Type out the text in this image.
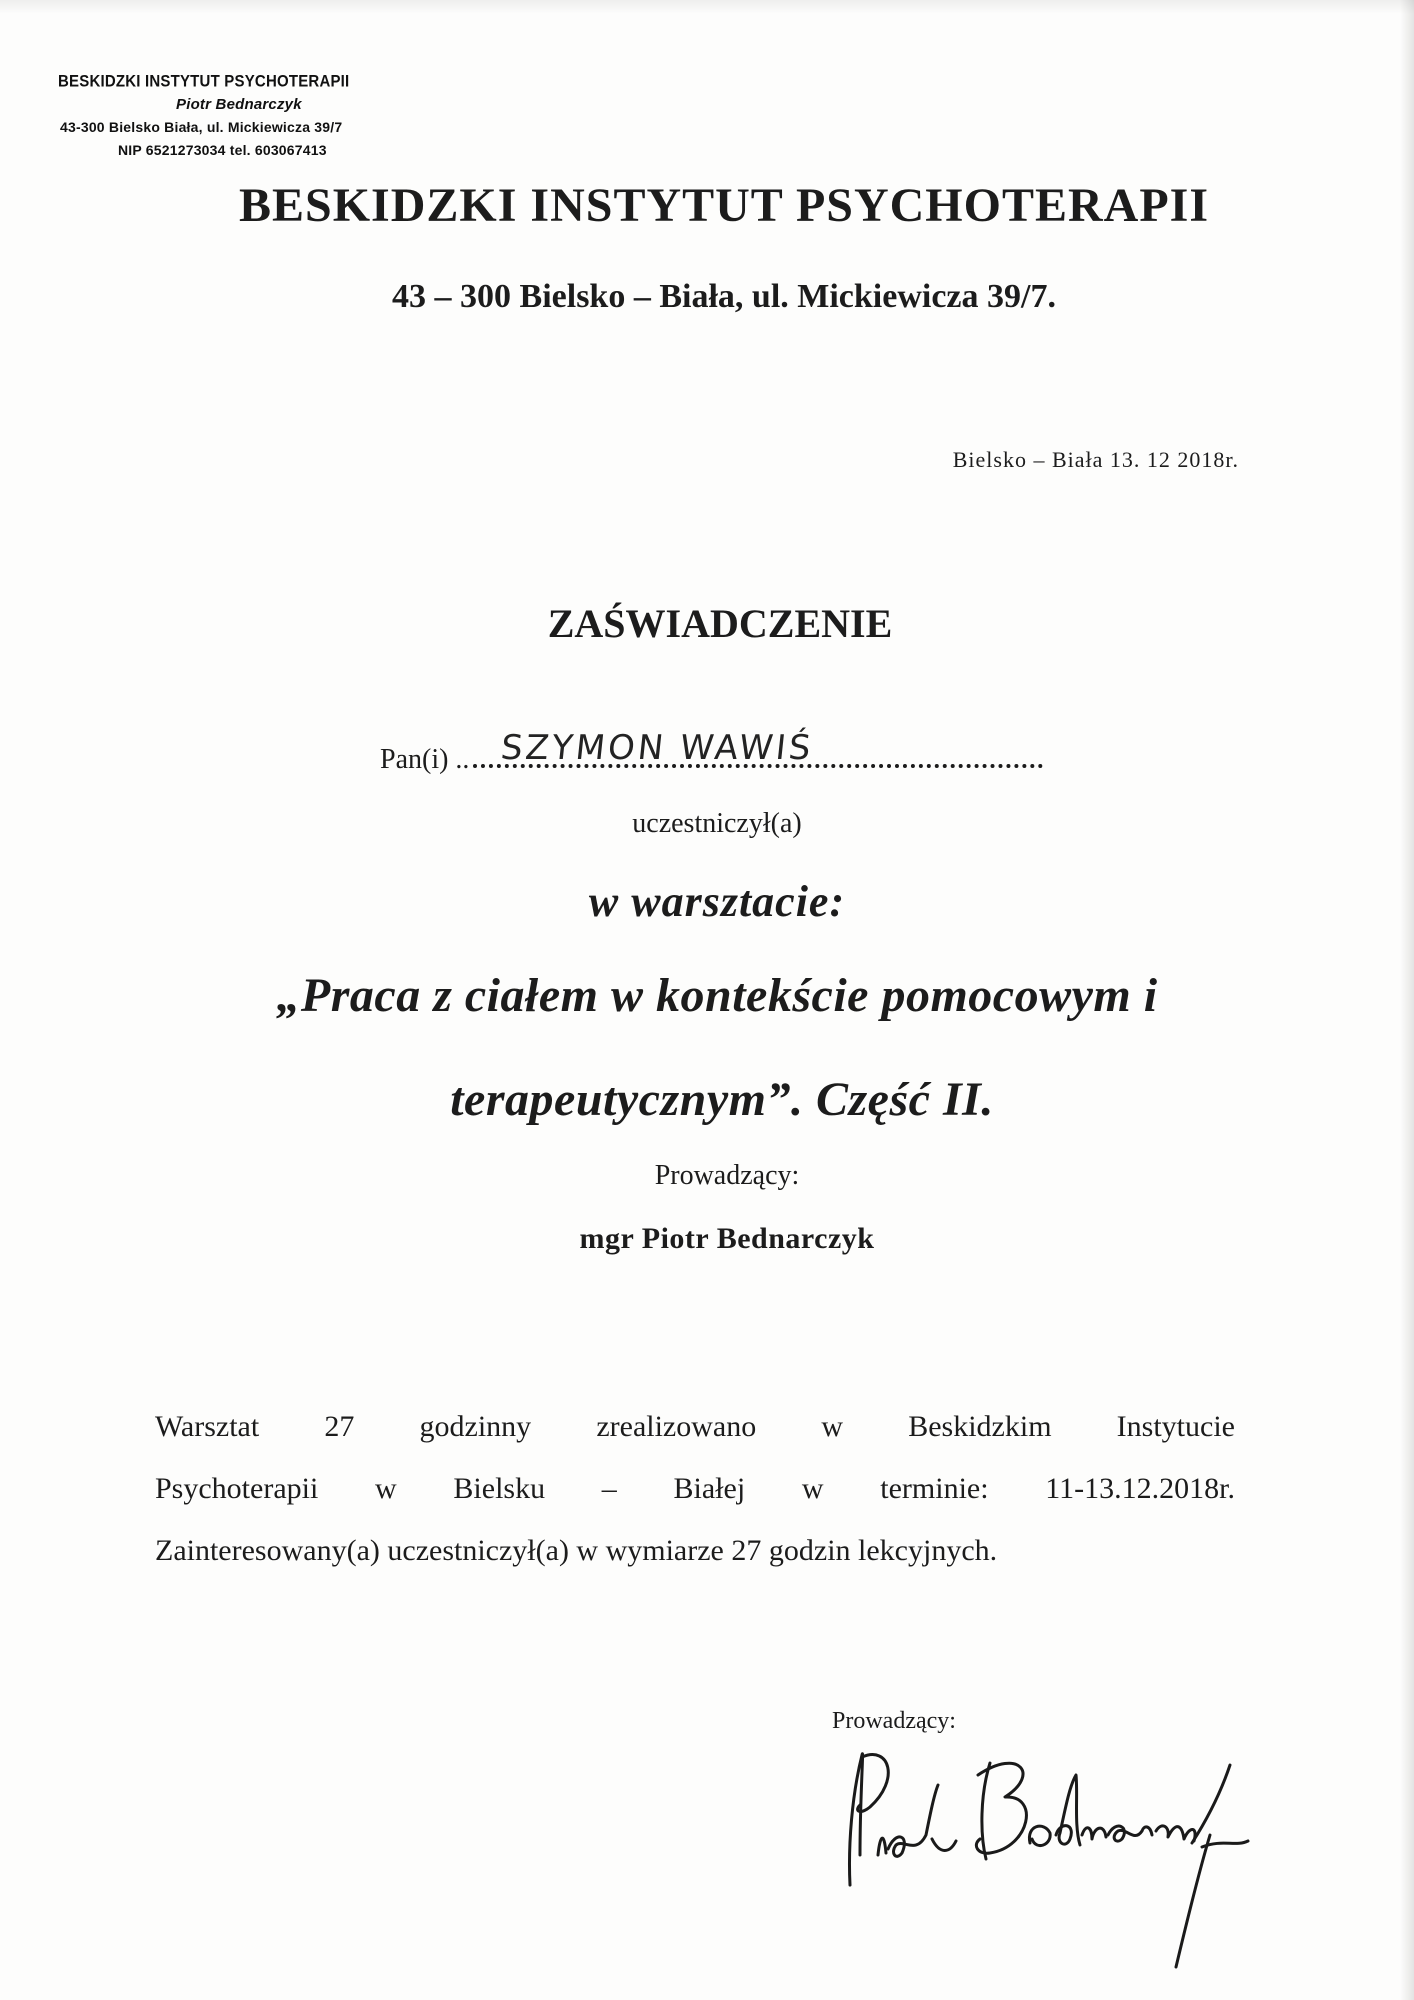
BESKIDZKI INSTYTUT PSYCHOTERAPII
Piotr Bednarczyk
43-300 Bielsko Biała, ul. Mickiewicza 39/7
NIP 6521273034 tel. 603067413
BESKIDZKI INSTYTUT PSYCHOTERAPII
43 – 300 Bielsko – Biała, ul. Mickiewicza 39/7.
Bielsko – Biała 13. 12 2018r.
ZAŚWIADCZENIE
Pan(i) .. SZYMON WAWIŚ
uczestniczył(a)
w warsztacie:
„Praca z ciałem w kontekście pomocowym i
terapeutycznym”. Część II.
Prowadzący:
mgr Piotr Bednarczyk

Warsztat 27 godzinny zrealizowano w Beskidzkim Instytucie

Psychoterapii w Bielsku – Białej w terminie: 11-13.12.2018r.

Zainteresowany(a) uczestniczył(a) w wymiarze 27 godzin lekcyjnych.

Prowadzący:
